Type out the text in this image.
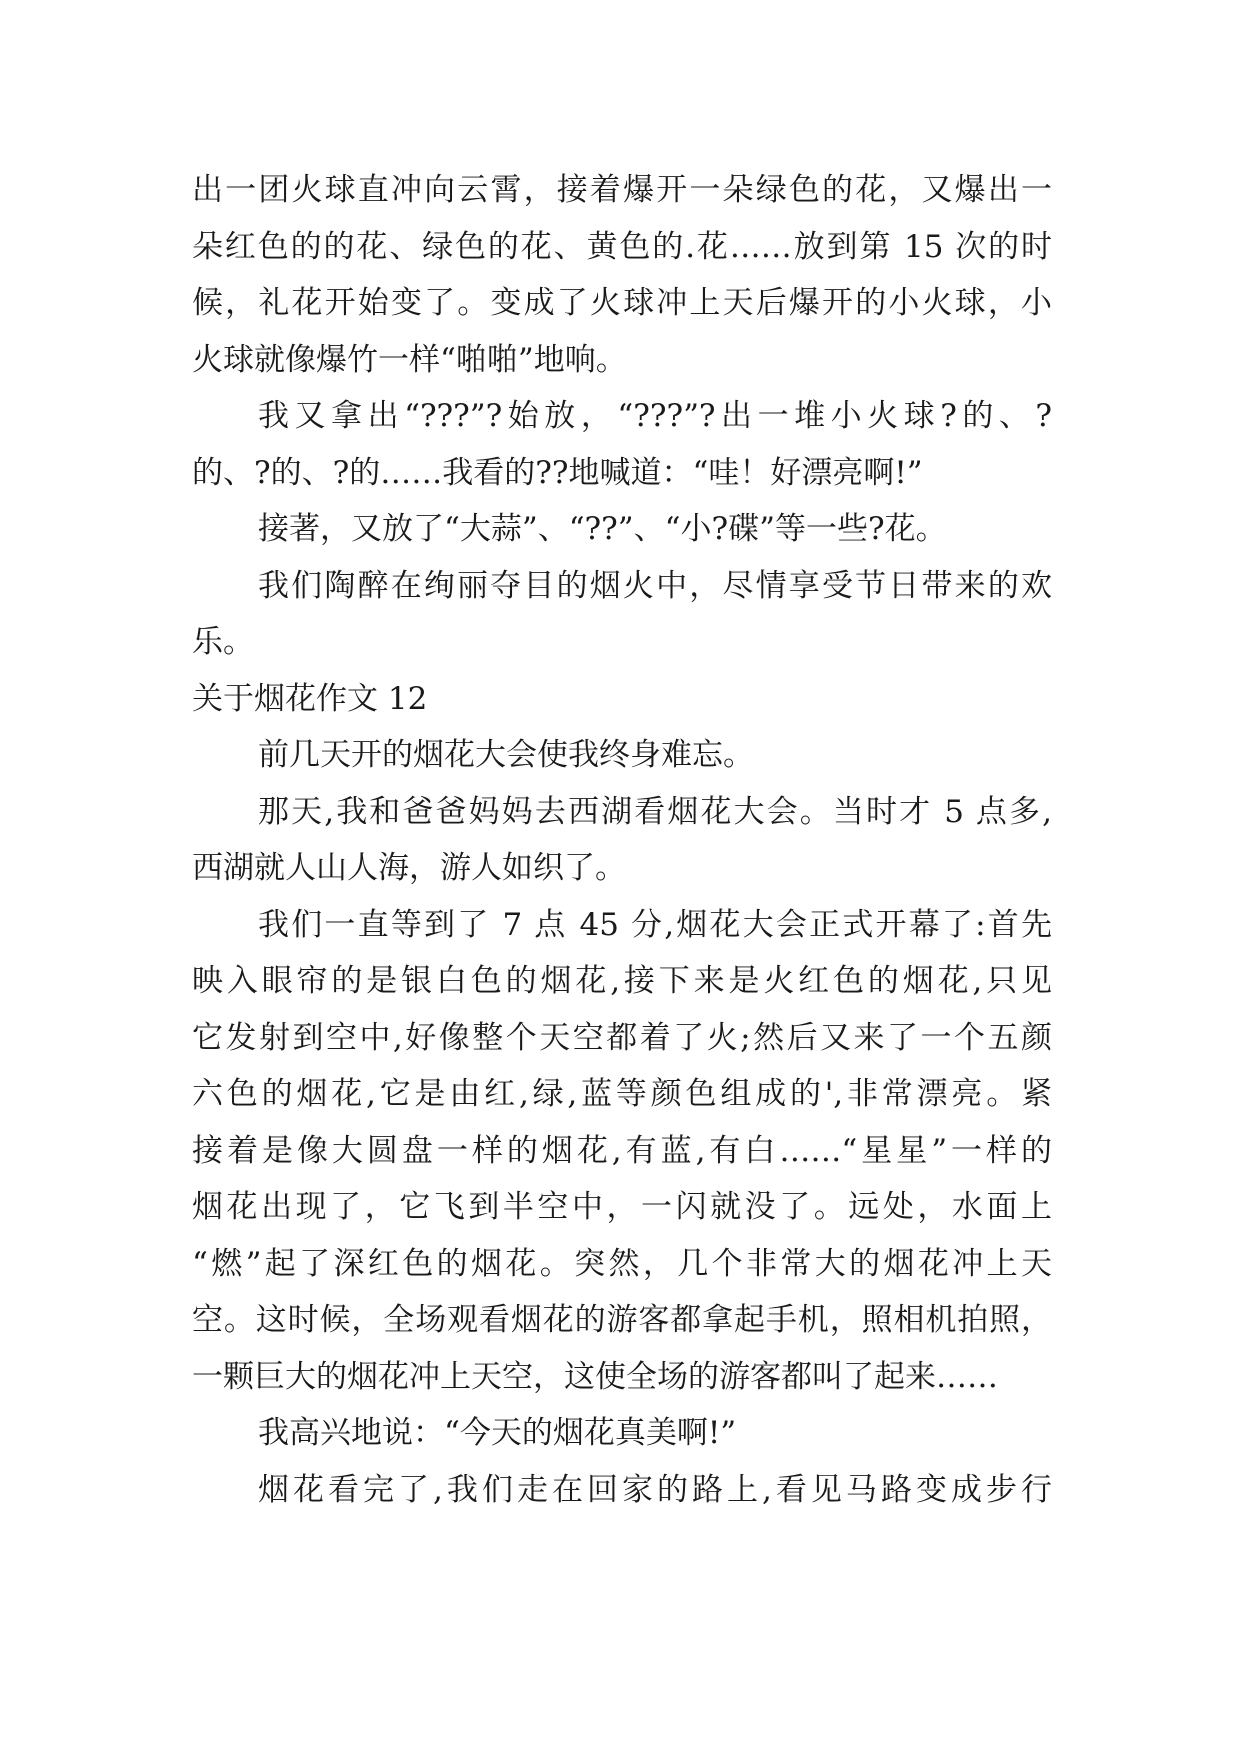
出一团火球直冲向云霄，接着爆开一朵绿色的花，又爆出一
朵红色的的花、绿色的花、黄色的.花……放到第 15 次的时
候，礼花开始变了。变成了火球冲上天后爆开的小火球，小
火球就像爆竹一样“啪啪”地响。
我又拿出“???”?始放，“???”?出一堆小火球?的、?
的、?的、?的……我看的??地喊道：“哇！好漂亮啊!”
接著，又放了“大蒜”、“??”、“小?碟”等一些?花。
我们陶醉在绚丽夺目的烟火中，尽情享受节日带来的欢
乐。
关于烟花作文 12
前几天开的烟花大会使我终身难忘。
那天,我和爸爸妈妈去西湖看烟花大会。当时才 5 点多,
西湖就人山人海，游人如织了。
我们一直等到了 7 点 45 分,烟花大会正式开幕了:首先
映入眼帘的是银白色的烟花,接下来是火红色的烟花,只见
它发射到空中,好像整个天空都着了火;然后又来了一个五颜
六色的烟花,它是由红,绿,蓝等颜色组成的',非常漂亮。紧
接着是像大圆盘一样的烟花,有蓝,有白……“星星”一样的
烟花出现了，它飞到半空中，一闪就没了。远处，水面上
“燃”起了深红色的烟花。突然，几个非常大的烟花冲上天
空。这时候，全场观看烟花的游客都拿起手机，照相机拍照，
一颗巨大的烟花冲上天空，这使全场的游客都叫了起来……
我高兴地说：“今天的烟花真美啊!”
烟花看完了,我们走在回家的路上,看见马路变成步行
